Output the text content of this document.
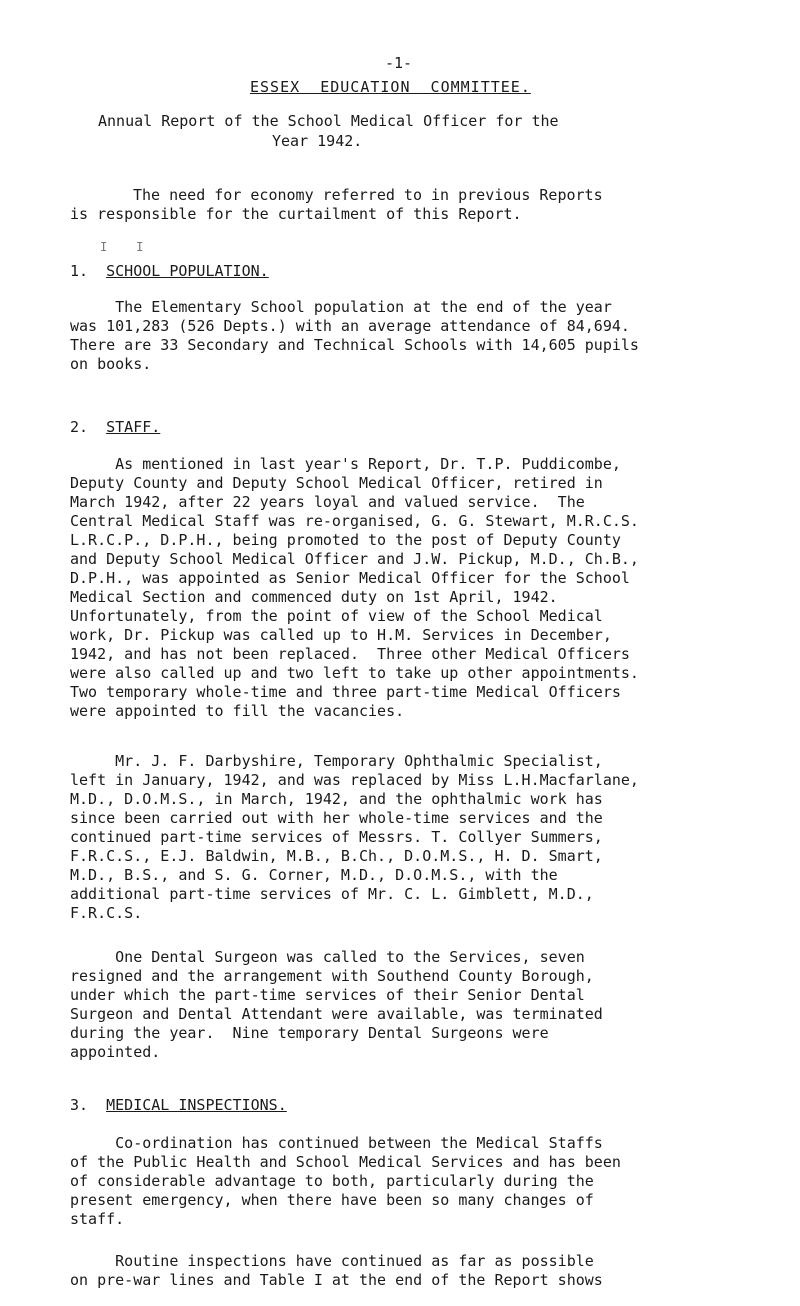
-1-
ESSEX  EDUCATION  COMMITTEE.
Annual Report of the School Medical Officer for the
Year 1942.
The need for economy referred to in previous Reports
is responsible for the curtailment of this Report.
I    I
1. SCHOOL POPULATION.
The Elementary School population at the end of the year
was 101,283 (526 Depts.) with an average attendance of 84,694.
There are 33 Secondary and Technical Schools with 14,605 pupils
on books.
2. STAFF.
As mentioned in last year's Report, Dr. T.P. Puddicombe,
Deputy County and Deputy School Medical Officer, retired in
March 1942, after 22 years loyal and valued service.  The
Central Medical Staff was re-organised, G. G. Stewart, M.R.C.S.
L.R.C.P., D.P.H., being promoted to the post of Deputy County
and Deputy School Medical Officer and J.W. Pickup, M.D., Ch.B.,
D.P.H., was appointed as Senior Medical Officer for the School
Medical Section and commenced duty on 1st April, 1942.
Unfortunately, from the point of view of the School Medical
work, Dr. Pickup was called up to H.M. Services in December,
1942, and has not been replaced.  Three other Medical Officers
were also called up and two left to take up other appointments.
Two temporary whole-time and three part-time Medical Officers
were appointed to fill the vacancies.
Mr. J. F. Darbyshire, Temporary Ophthalmic Specialist,
left in January, 1942, and was replaced by Miss L.H.Macfarlane,
M.D., D.O.M.S., in March, 1942, and the ophthalmic work has
since been carried out with her whole-time services and the
continued part-time services of Messrs. T. Collyer Summers,
F.R.C.S., E.J. Baldwin, M.B., B.Ch., D.O.M.S., H. D. Smart,
M.D., B.S., and S. G. Corner, M.D., D.O.M.S., with the
additional part-time services of Mr. C. L. Gimblett, M.D.,
F.R.C.S.
One Dental Surgeon was called to the Services, seven
resigned and the arrangement with Southend County Borough,
under which the part-time services of their Senior Dental
Surgeon and Dental Attendant were available, was terminated
during the year.  Nine temporary Dental Surgeons were
appointed.
3. MEDICAL INSPECTIONS.
Co-ordination has continued between the Medical Staffs
of the Public Health and School Medical Services and has been
of considerable advantage to both, particularly during the
present emergency, when there have been so many changes of
staff.
Routine inspections have continued as far as possible
on pre-war lines and Table I at the end of the Report shows
